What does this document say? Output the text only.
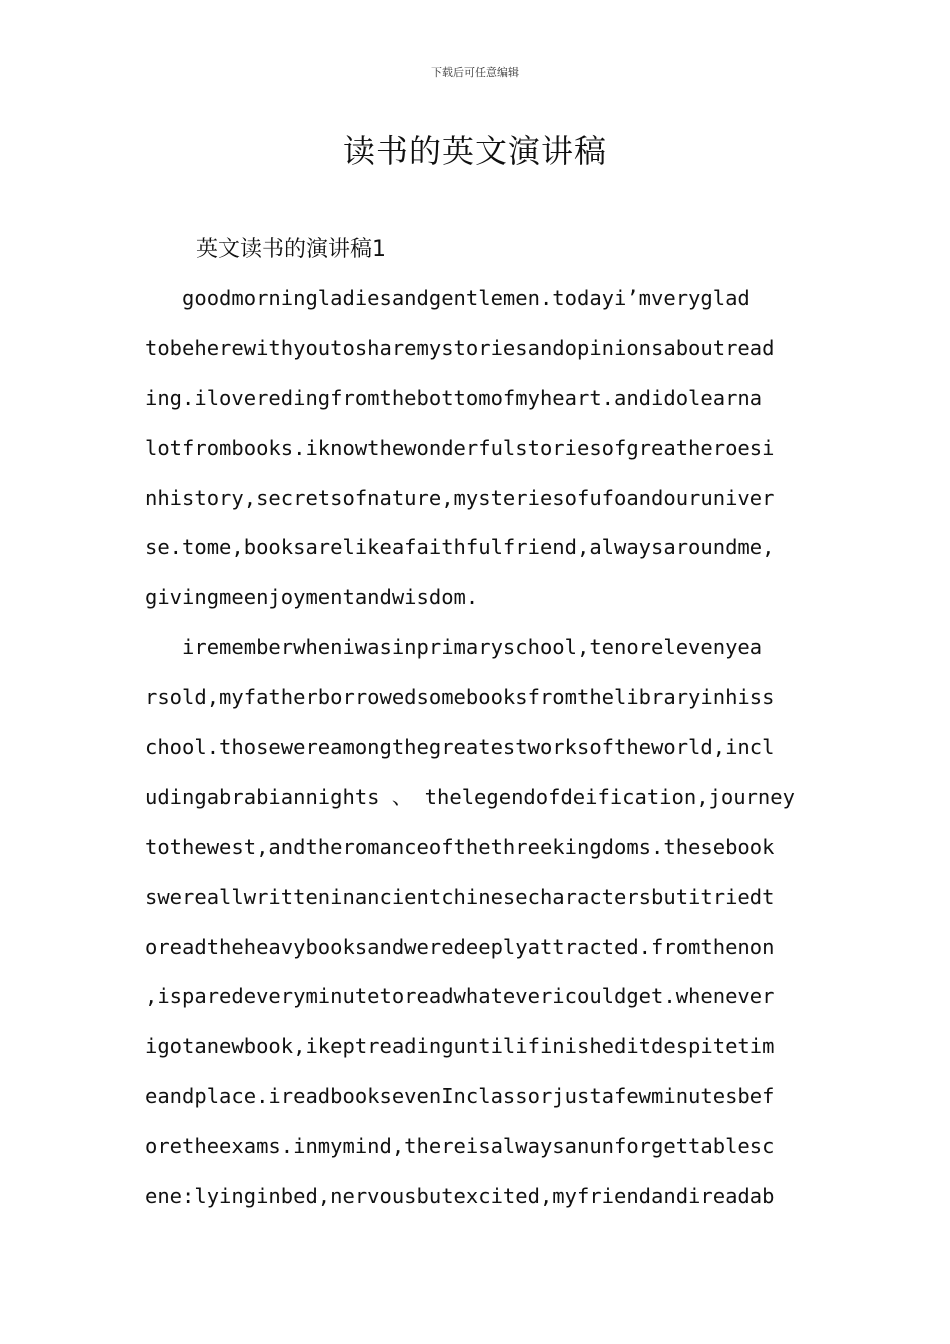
下载后可任意编辑
读书的英文演讲稿
英文读书的演讲稿1
goodmorningladiesandgentlemen.todayi’mveryglad
tobeherewithyoutosharemystoriesandopinionsaboutread
ing.iloveredingfromthebottomofmyheart.andidolearna
lotfrombooks.iknowthewonderfulstoriesofgreatheroesi
nhistory,secretsofnature,mysteriesofufoandouruniver
se.tome,booksarelikeafaithfulfriend,alwaysaroundme,
givingmeenjoymentandwisdom.
irememberwheniwasinprimaryschool,tenorelevenyea
rsold,myfatherborrowedsomebooksfromthelibraryinhiss
chool.thosewereamongthegreatestworksoftheworld,incl
udingabrabiannights 、 thelegendofdeification,journey
tothewest,andtheromanceofthethreekingdoms.thesebook
swereallwritteninancientchinesecharactersbutitriedt
oreadtheheavybooksandweredeeplyattracted.fromthenon
,isparedeveryminutetoreadwhatevericouldget.whenever
igotanewbook,ikeptreadinguntilifinisheditdespitetim
eandplace.ireadbooksevenInclassorjustafewminutesbef
oretheexams.inmymind,thereisalwaysanunforgettablesc
ene:lyinginbed,nervousbutexcited,myfriendandireadab
